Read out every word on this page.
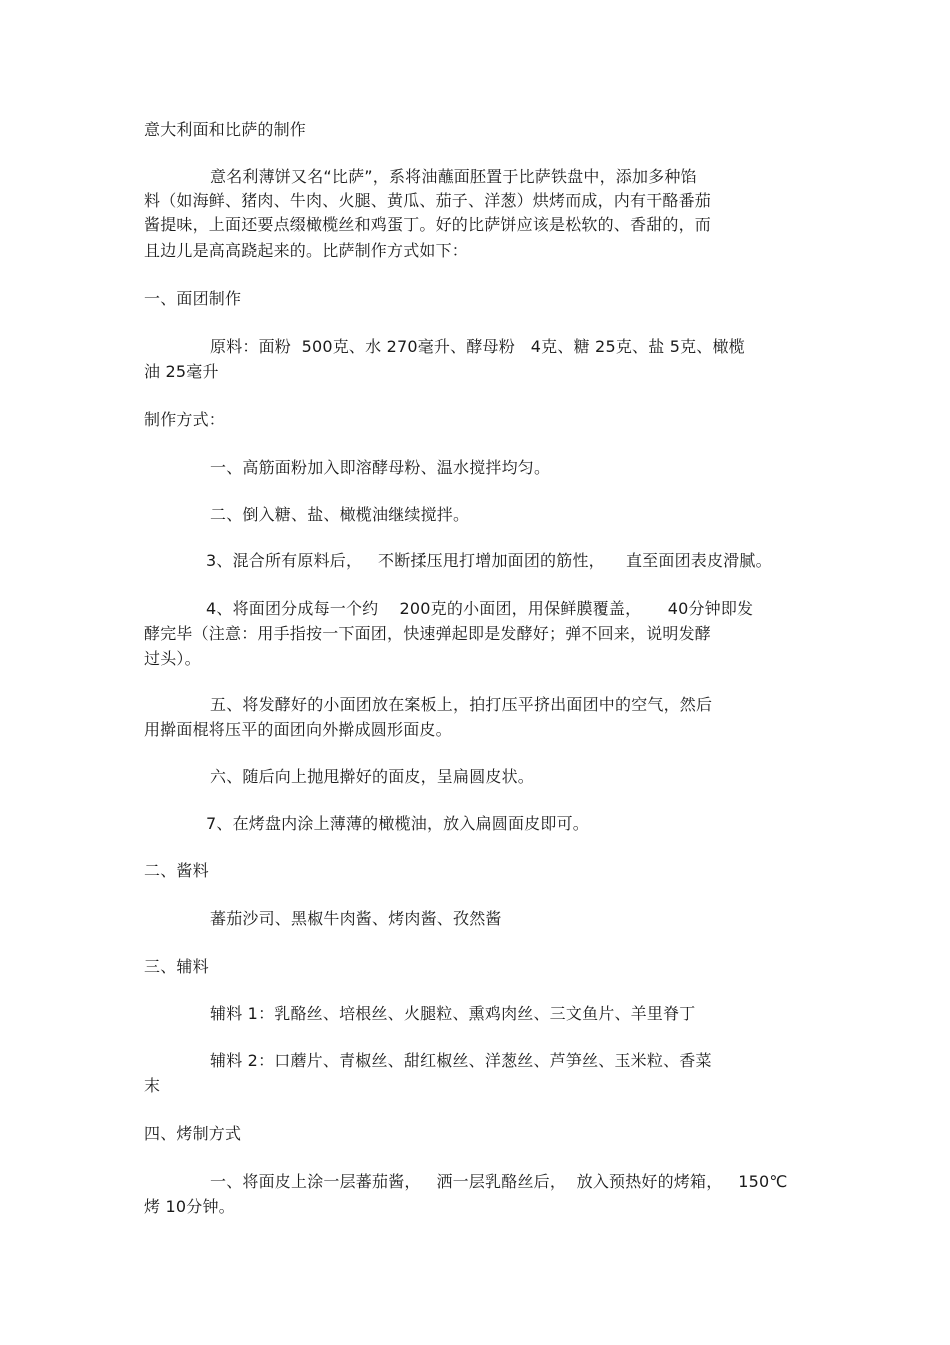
意大利面和比萨的制作
意名利薄饼又名“比萨”，系将油蘸面胚置于比萨铁盘中，添加多种馅
料（如海鲜、猪肉、牛肉、火腿、黄瓜、茄子、洋葱）烘烤而成，内有干酪番茄
酱提味，上面还要点缀橄榄丝和鸡蛋丁。好的比萨饼应该是松软的、香甜的，而
且边儿是高高跷起来的。比萨制作方式如下：
一、面团制作
原料：面粉  500克、水 270毫升、酵母粉   4克、糖 25克、盐 5克、橄榄
油 25毫升
制作方式：
一、高筋面粉加入即溶酵母粉、温水搅拌均匀。
二、倒入糖、盐、橄榄油继续搅拌。
3、混合所有原料后，   不断揉压甩打增加面团的筋性，    直至面团表皮滑腻。
4、将面团分成每一个约    200克的小面团，用保鲜膜覆盖，     40分钟即发
酵完毕（注意：用手指按一下面团，快速弹起即是发酵好；弹不回来，说明发酵
过头）。
五、将发酵好的小面团放在案板上，拍打压平挤出面团中的空气，然后
用擀面棍将压平的面团向外擀成圆形面皮。
六、随后向上抛甩擀好的面皮，呈扁圆皮状。
7、在烤盘内涂上薄薄的橄榄油，放入扁圆面皮即可。
二、酱料
蕃茄沙司、黑椒牛肉酱、烤肉酱、孜然酱
三、辅料
辅料 1：乳酪丝、培根丝、火腿粒、熏鸡肉丝、三文鱼片、羊里脊丁
辅料 2：口蘑片、青椒丝、甜红椒丝、洋葱丝、芦笋丝、玉米粒、香菜
末
四、烤制方式
一、将面皮上涂一层蕃茄酱，   洒一层乳酪丝后，  放入预热好的烤箱，   150℃
烤 10分钟。
